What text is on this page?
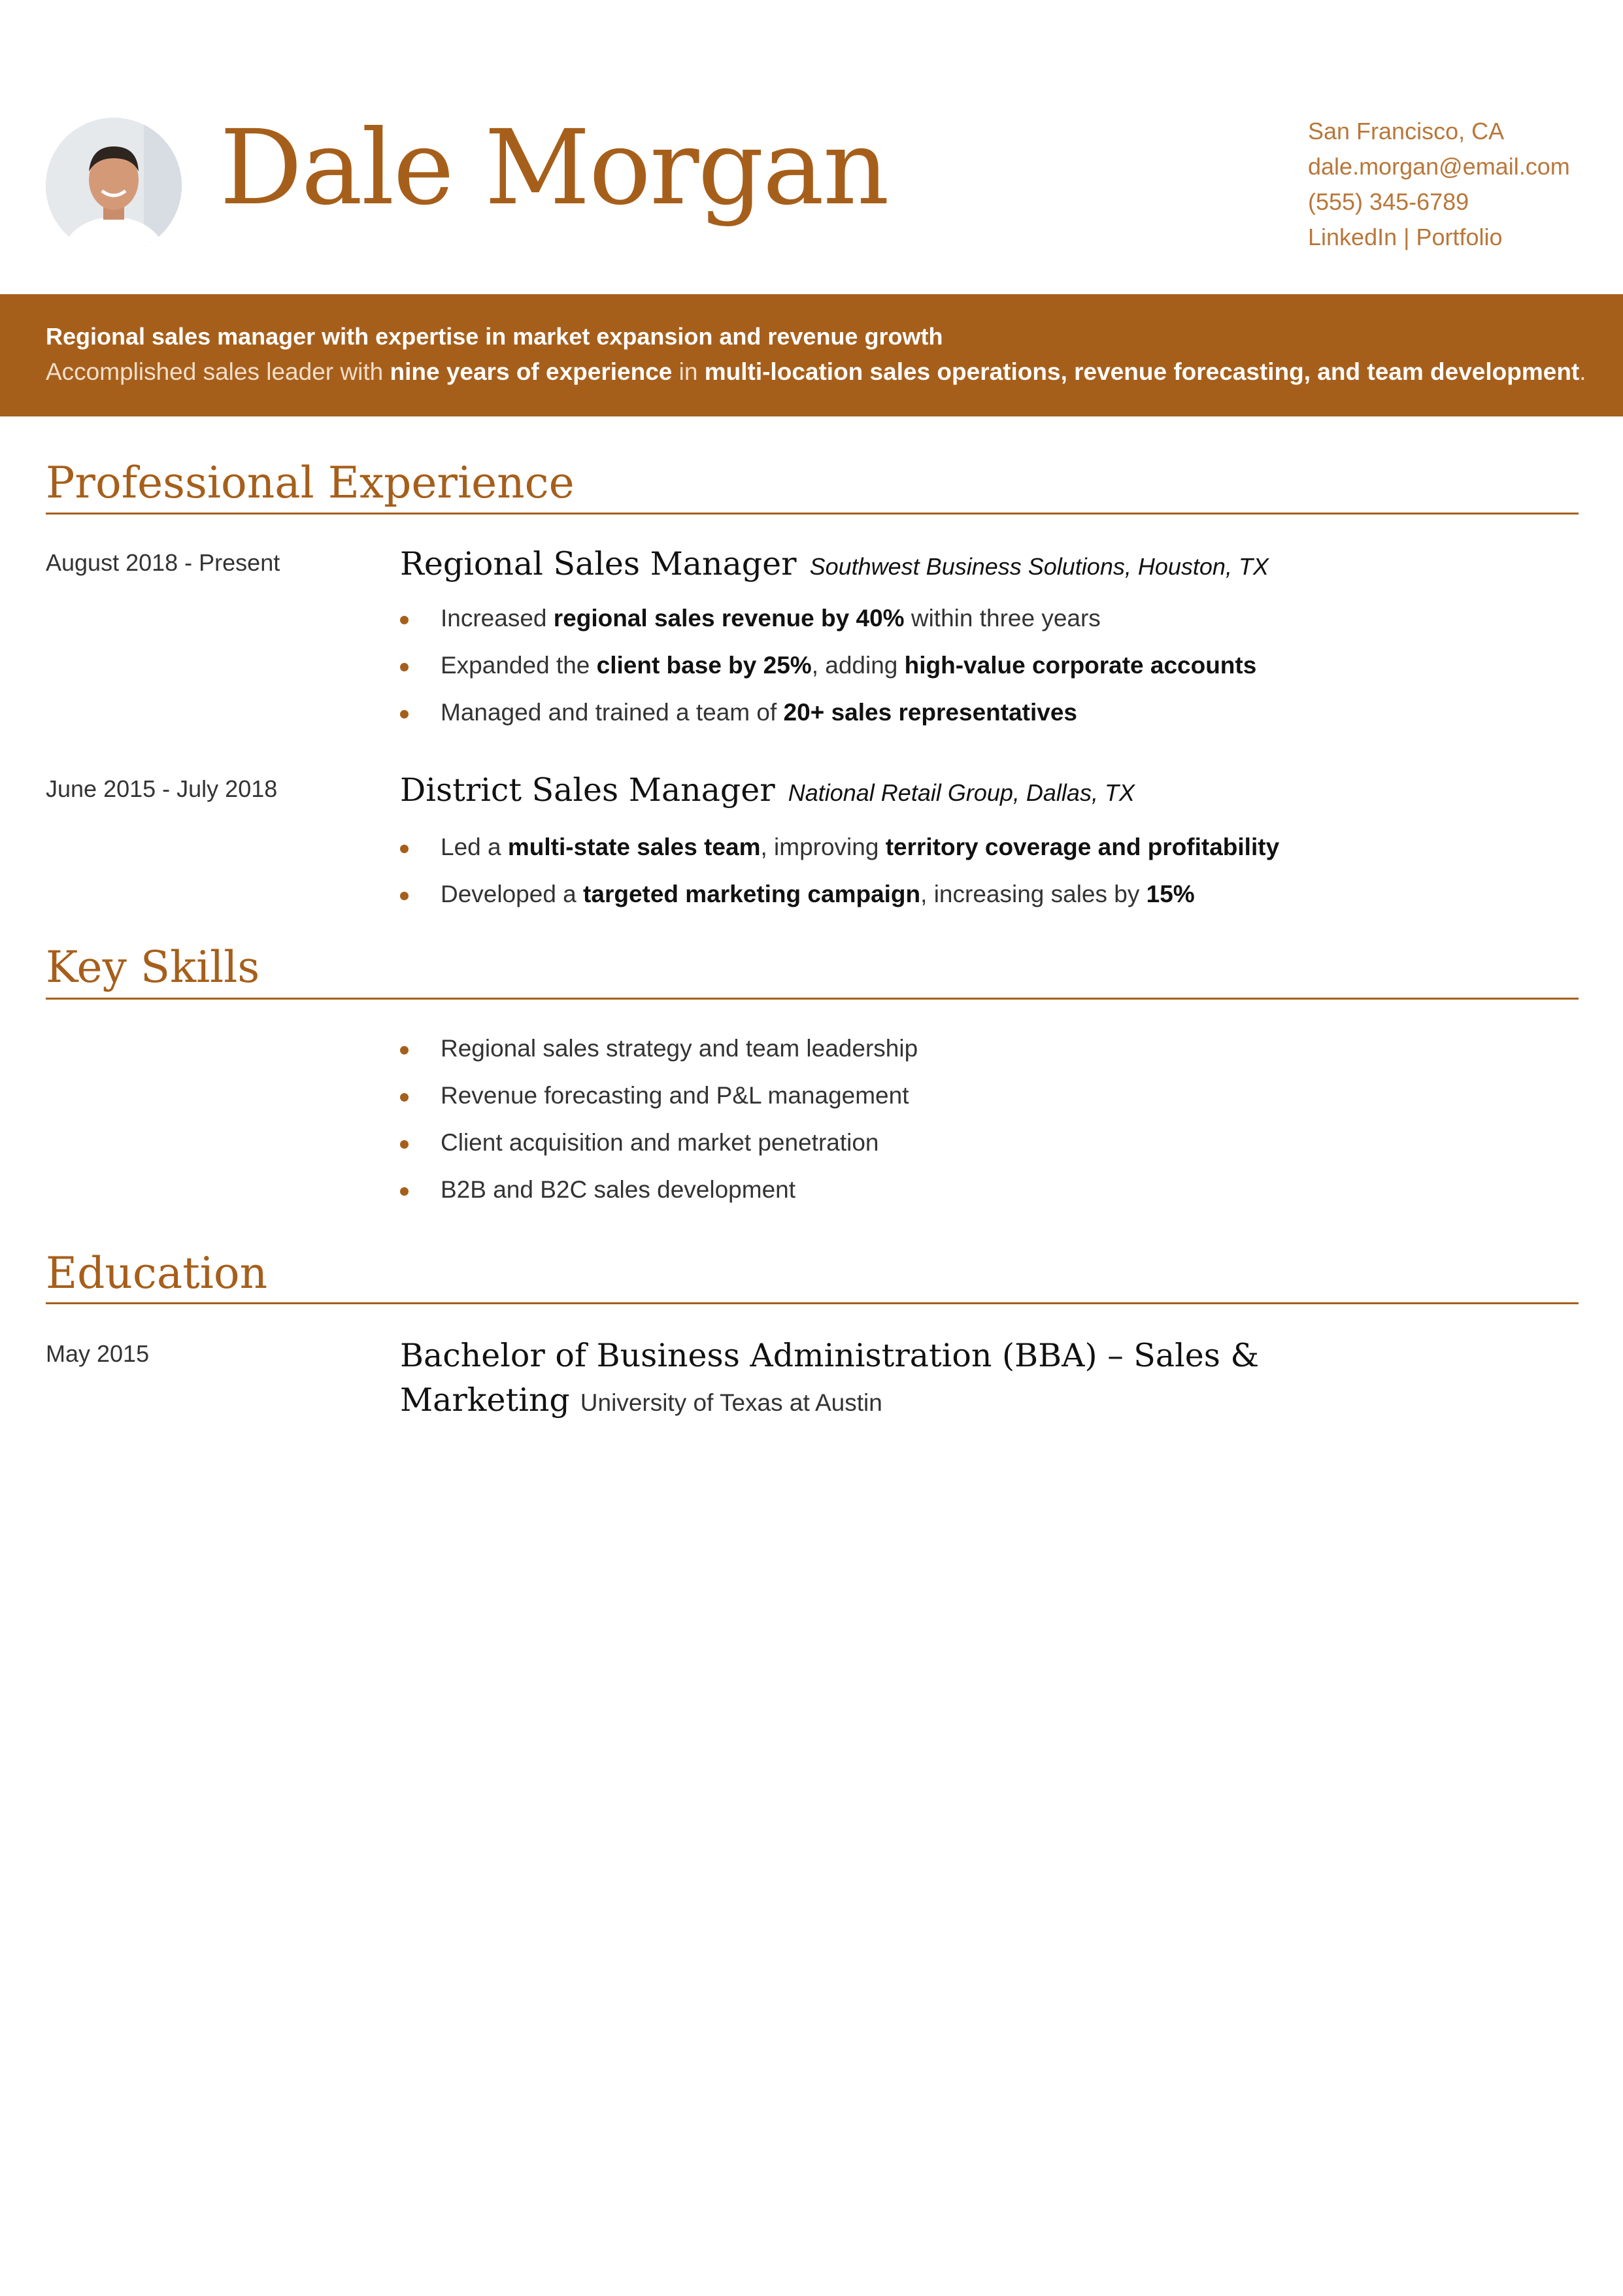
Dale Morgan	San Francisco, CA
dale.morgan@email.com
(555) 345-6789
LinkedIn | Portfolio
Regional sales manager with expertise in market expansion and revenue growth
Accomplished sales leader with nine years of experience in multi-location sales operations, revenue forecasting, and team development.
Professional Experience
August 2018 - Present	Regional Sales Manager Southwest Business Solutions, Houston, TX
Increased regional sales revenue by 40% within three years
Expanded the client base by 25%, adding high-value corporate accounts
Managed and trained a team of 20+ sales representatives
June 2015 - July 2018	District Sales Manager National Retail Group, Dallas, TX
Led a multi-state sales team, improving territory coverage and profitability
Developed a targeted marketing campaign, increasing sales by 15%
Key Skills
Regional sales strategy and team leadership
Revenue forecasting and P&L management
Client acquisition and market penetration
B2B and B2C sales development
Education
May 2015	Bachelor of Business Administration (BBA) – Sales & Marketing University of Texas at Austin
